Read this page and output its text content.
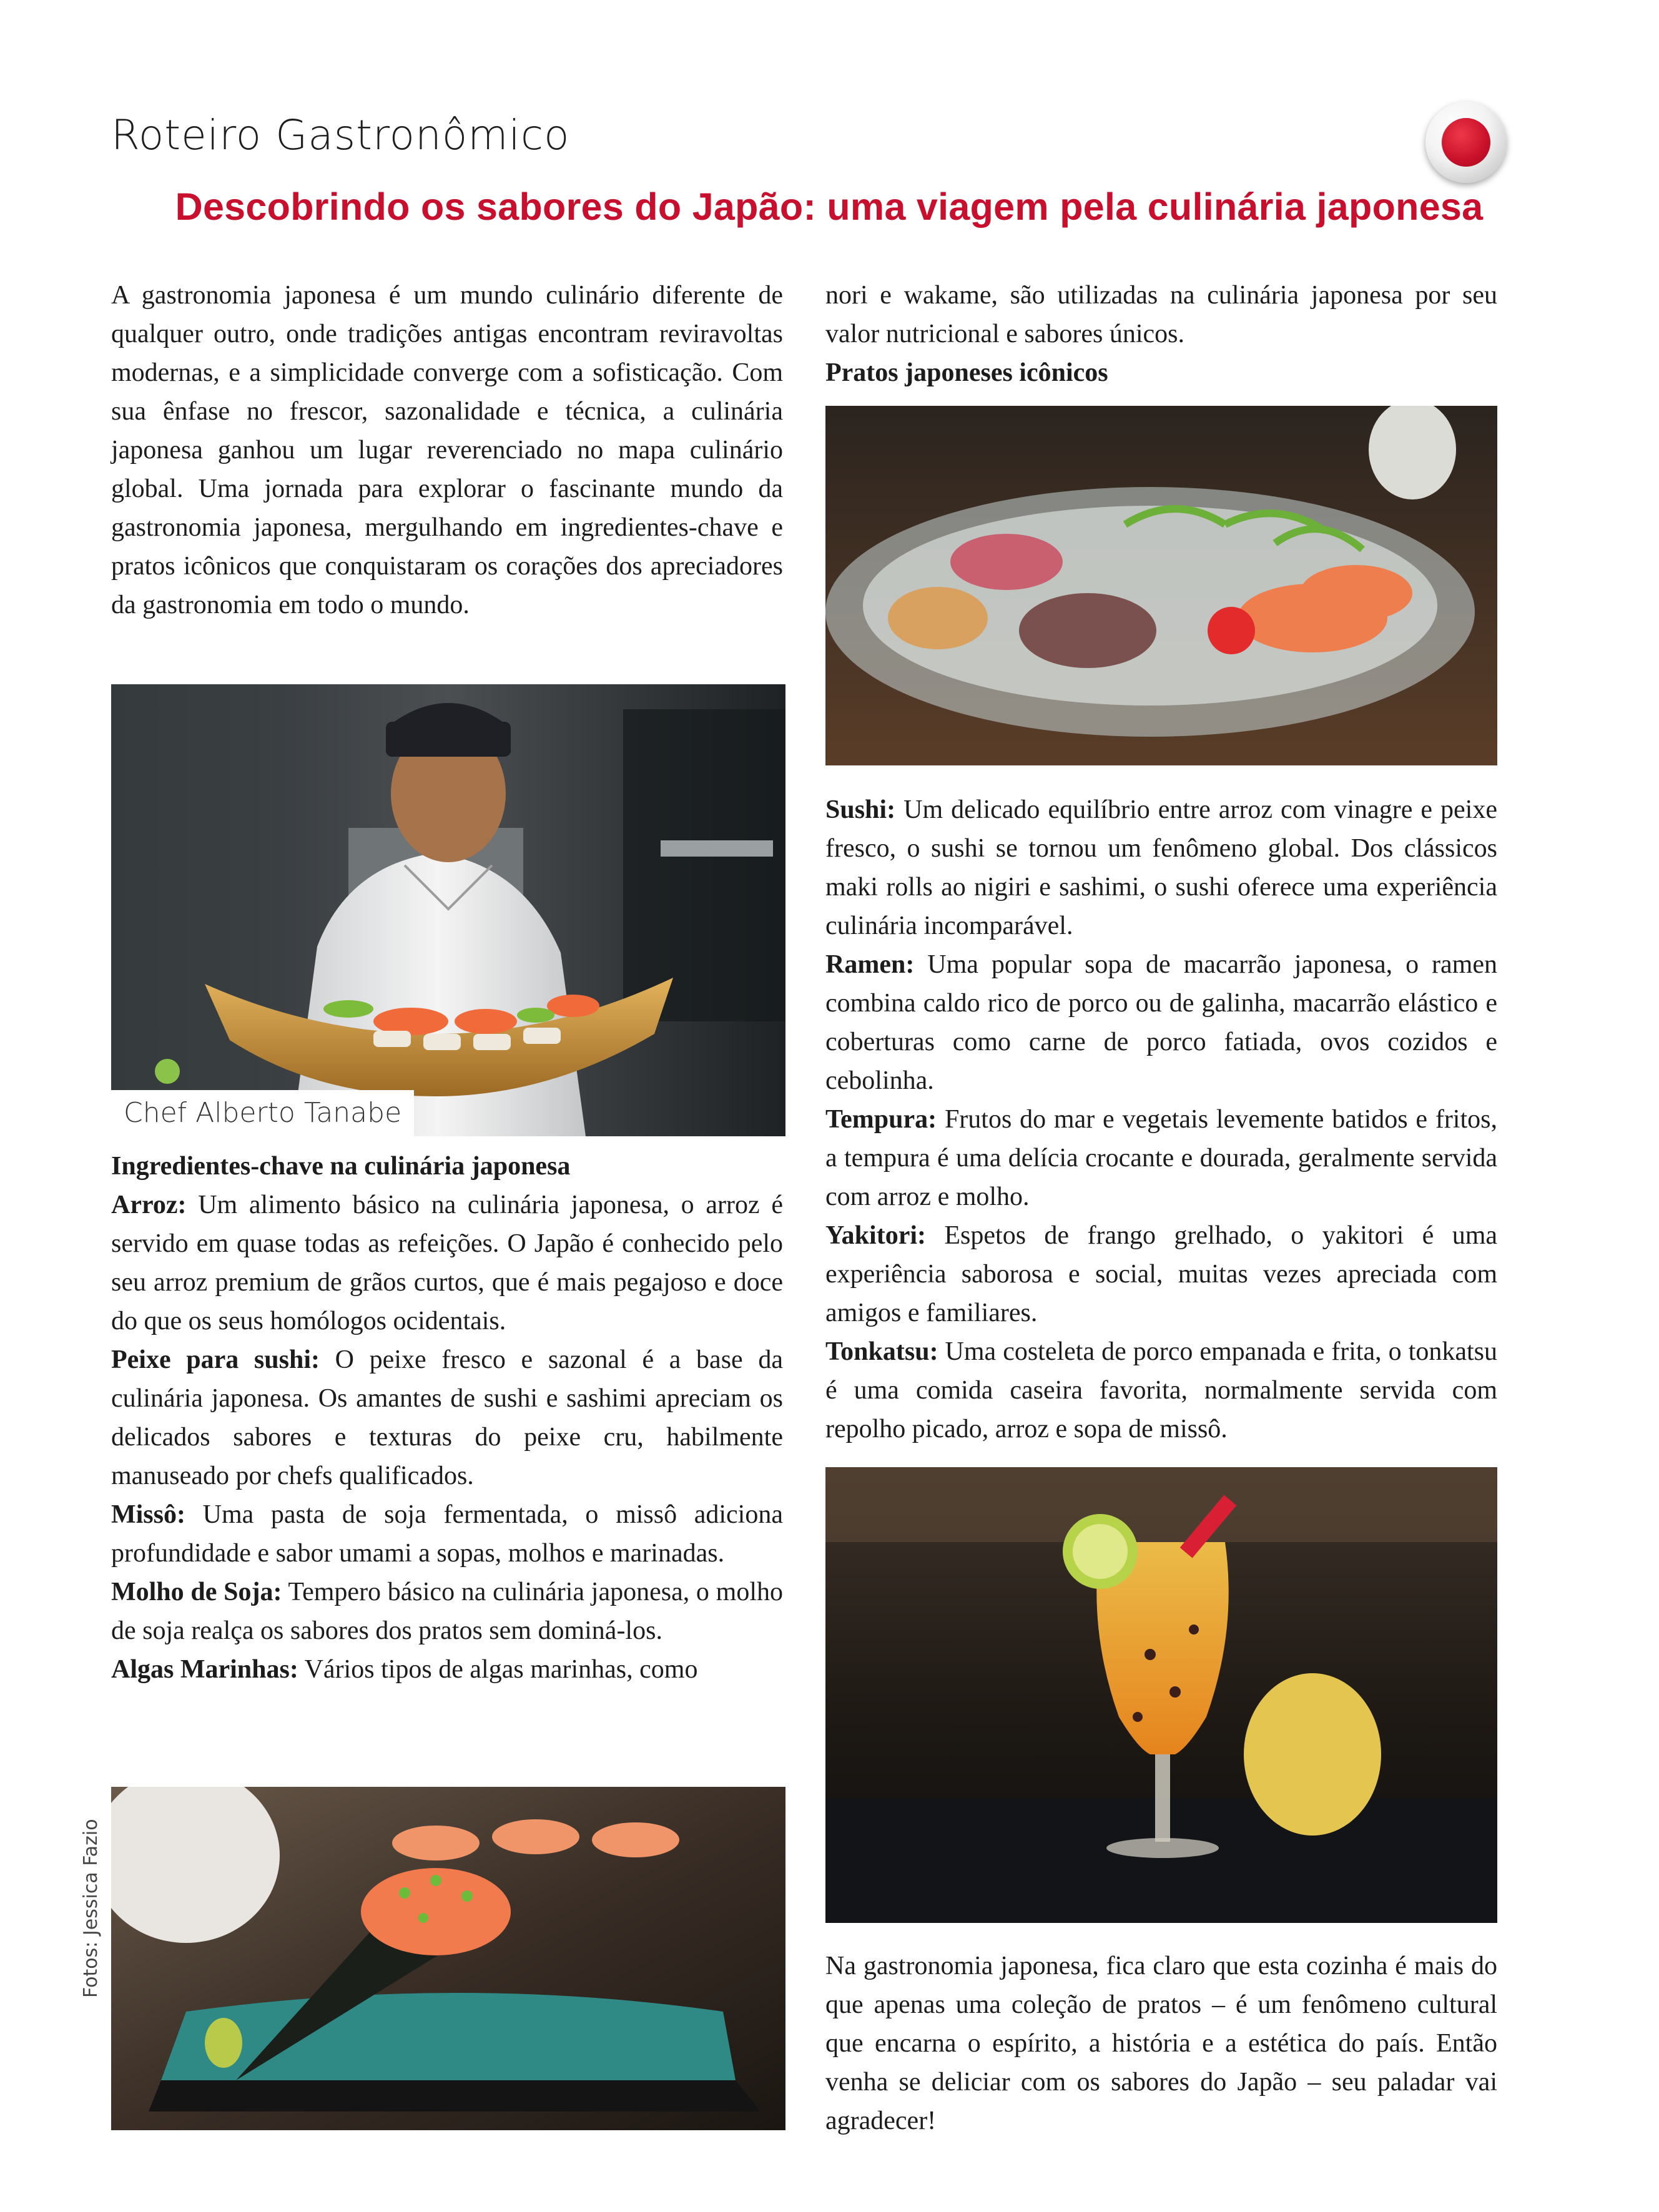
Roteiro Gastronômico
Descobrindo os sabores do Japão: uma viagem pela culinária japonesa

A gastronomia japonesa é um mundo culinário diferente de qualquer outro, onde tradições antigas encontram reviravoltas modernas, e a simplicidade converge com a sofisticação. Com sua ênfase no frescor, sazonalidade e técnica, a culinária japonesa ganhou um lugar reverenciado no mapa culinário global. Uma jornada para explorar o fascinante mundo da gastronomia japonesa, mergulhando em ingredientes-chave e pratos icônicos que conquistaram os corações dos apreciadores da gastronomia em todo o mundo.

Chef Alberto Tanabe

Ingredientes-chave na culinária japonesa

Arroz: Um alimento básico na culinária japonesa, o arroz é servido em quase todas as refeições. O Japão é conhecido pelo seu arroz premium de grãos curtos, que é mais pegajoso e doce do que os seus homólogos ocidentais.

Peixe para sushi: O peixe fresco e sazonal é a base da culinária japonesa. Os amantes de sushi e sashimi apreciam os delicados sabores e texturas do peixe cru, habilmente manuseado por chefs qualificados.

Missô: Uma pasta de soja fermentada, o missô adiciona profundidade e sabor umami a sopas, molhos e marinadas.

Molho de Soja: Tempero básico na culinária japonesa, o molho de soja realça os sabores dos pratos sem dominá-los.

Algas Marinhas: Vários tipos de algas marinhas, como

Fotos: Jessica Fazio

nori e wakame, são utilizadas na culinária japonesa por seu valor nutricional e sabores únicos.

Pratos japoneses icônicos

Sushi: Um delicado equilíbrio entre arroz com vinagre e peixe fresco, o sushi se tornou um fenômeno global. Dos clássicos maki rolls ao nigiri e sashimi, o sushi oferece uma experiência culinária incomparável.

Ramen: Uma popular sopa de macarrão japonesa, o ramen combina caldo rico de porco ou de galinha, macarrão elástico e coberturas como carne de porco fatiada, ovos cozidos e cebolinha.

Tempura: Frutos do mar e vegetais levemente batidos e fritos, a tempura é uma delícia crocante e dourada, geralmente servida com arroz e molho.

Yakitori: Espetos de frango grelhado, o yakitori é uma experiência saborosa e social, muitas vezes apreciada com amigos e familiares.

Tonkatsu: Uma costeleta de porco empanada e frita, o tonkatsu é uma comida caseira favorita, normalmente servida com repolho picado, arroz e sopa de missô.

Na gastronomia japonesa, fica claro que esta cozinha é mais do que apenas uma coleção de pratos – é um fenômeno cultural que encarna o espírito, a história e a estética do país. Então venha se deliciar com os sabores do Japão – seu paladar vai agradecer!
